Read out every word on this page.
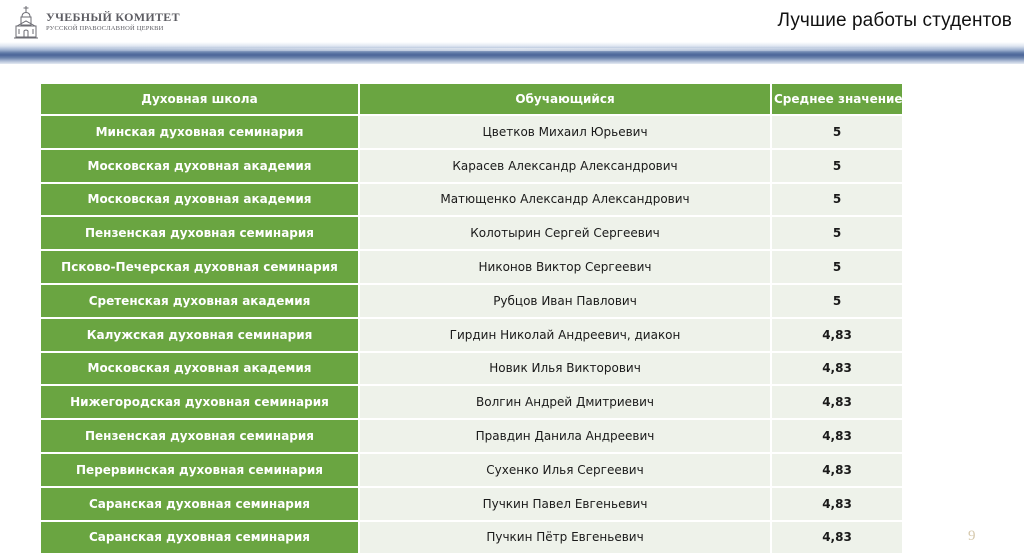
УЧЕБНЫЙ КОМИТЕТ
РУССКОЙ ПРАВОСЛАВНОЙ ЦЕРКВИ	Лучшие работы студентов
Духовная школа	Обучающийся	Среднее значение
Минская духовная семинария	Цветков Михаил Юрьевич	5
Московская духовная академия	Карасев Александр Александрович	5
Московская духовная академия	Матющенко Александр Александрович	5
Пензенская духовная семинария	Колотырин Сергей Сергеевич	5
Псково-Печерская духовная семинария	Никонов Виктор Сергеевич	5
Сретенская духовная академия	Рубцов Иван Павлович	5
Калужская духовная семинария	Гирдин Николай Андреевич, диакон	4,83
Московская духовная академия	Новик Илья Викторович	4,83
Нижегородская духовная семинария	Волгин Андрей Дмитриевич	4,83
Пензенская духовная семинария	Правдин Данила Андреевич	4,83
Перервинская духовная семинария	Сухенко Илья Сергеевич	4,83
Саранская духовная семинария	Пучкин Павел Евгеньевич	4,83
Саранская духовная семинария	Пучкин Пётр Евгеньевич	4,83	9
